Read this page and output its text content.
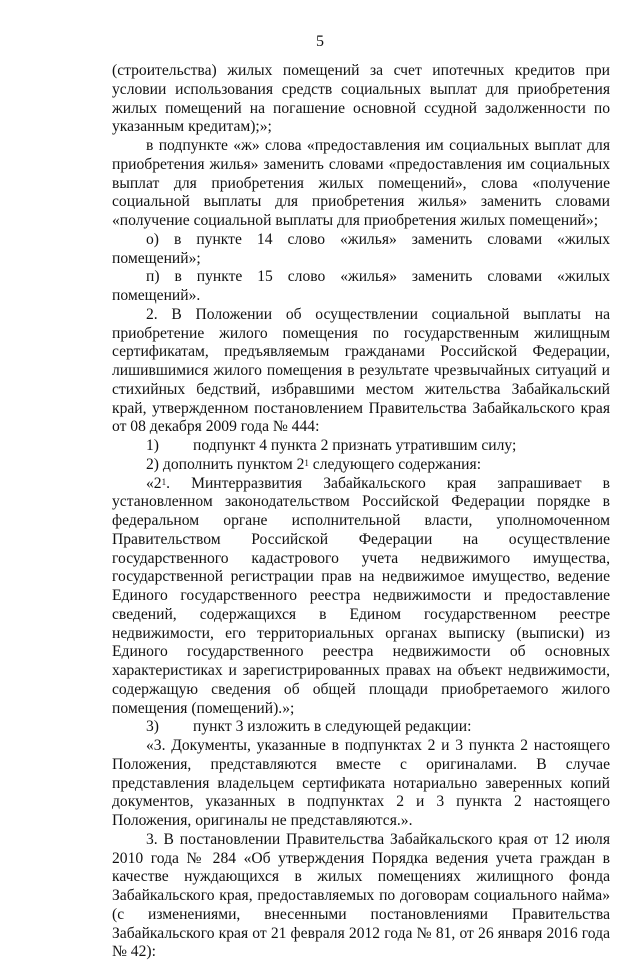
5

(строительства) жилых помещений за счет ипотечных кредитов при условии использования средств социальных выплат для приобретения жилых помещений на погашение основной ссудной задолженности по указанным кредитам);»;

в подпункте «ж» слова «предоставления им социальных выплат для приобретения жилья» заменить словами «предоставления им социальных выплат для приобретения жилых помещений», слова «получение социальной выплаты для приобретения жилья» заменить словами «получение социальной выплаты для приобретения жилых помещений»;

о) в пункте 14 слово «жилья» заменить словами «жилых помещений»;

п) в пункте 15 слово «жилья» заменить словами «жилых помещений».

2. В Положении об осуществлении социальной выплаты на приобретение жилого помещения по государственным жилищным сертификатам, предъявляемым гражданами Российской Федерации, лишившимися жилого помещения в результате чрезвычайных ситуаций и стихийных бедствий, избравшими местом жительства Забайкальский край, утвержденном постановлением Правительства Забайкальского края от 08 декабря 2009 года № 444:

1) подпункт 4 пункта 2 признать утратившим силу;

2) дополнить пунктом $2^1$ следующего содержания:

«$2^1$. Минтерразвития Забайкальского края запрашивает в установленном законодательством Российской Федерации порядке в федеральном органе исполнительной власти, уполномоченном Правительством Российской Федерации на осуществление государственного кадастрового учета недвижимого имущества, государственной регистрации прав на недвижимое имущество, ведение Единого государственного реестра недвижимости и предоставление сведений, содержащихся в Едином государственном реестре недвижимости, его территориальных органах выписку (выписки) из Единого государственного реестра недвижимости об основных характеристиках и зарегистрированных правах на объект недвижимости, содержащую сведения об общей площади приобретаемого жилого помещения (помещений).»;

3) пункт 3 изложить в следующей редакции:

«3. Документы, указанные в подпунктах 2 и 3 пункта 2 настоящего Положения, представляются вместе с оригиналами. В случае представления владельцем сертификата нотариально заверенных копий документов, указанных в подпунктах 2 и 3 пункта 2 настоящего Положения, оригиналы не представляются.».

3. В постановлении Правительства Забайкальского края от 12 июля 2010 года № 284 «Об утверждения Порядка ведения учета граждан в качестве нуждающихся в жилых помещениях жилищного фонда Забайкальского края, предоставляемых по договорам социального найма» (с изменениями, внесенными постановлениями Правительства Забайкальского края от 21 февраля 2012 года № 81, от 26 января 2016 года № 42):
